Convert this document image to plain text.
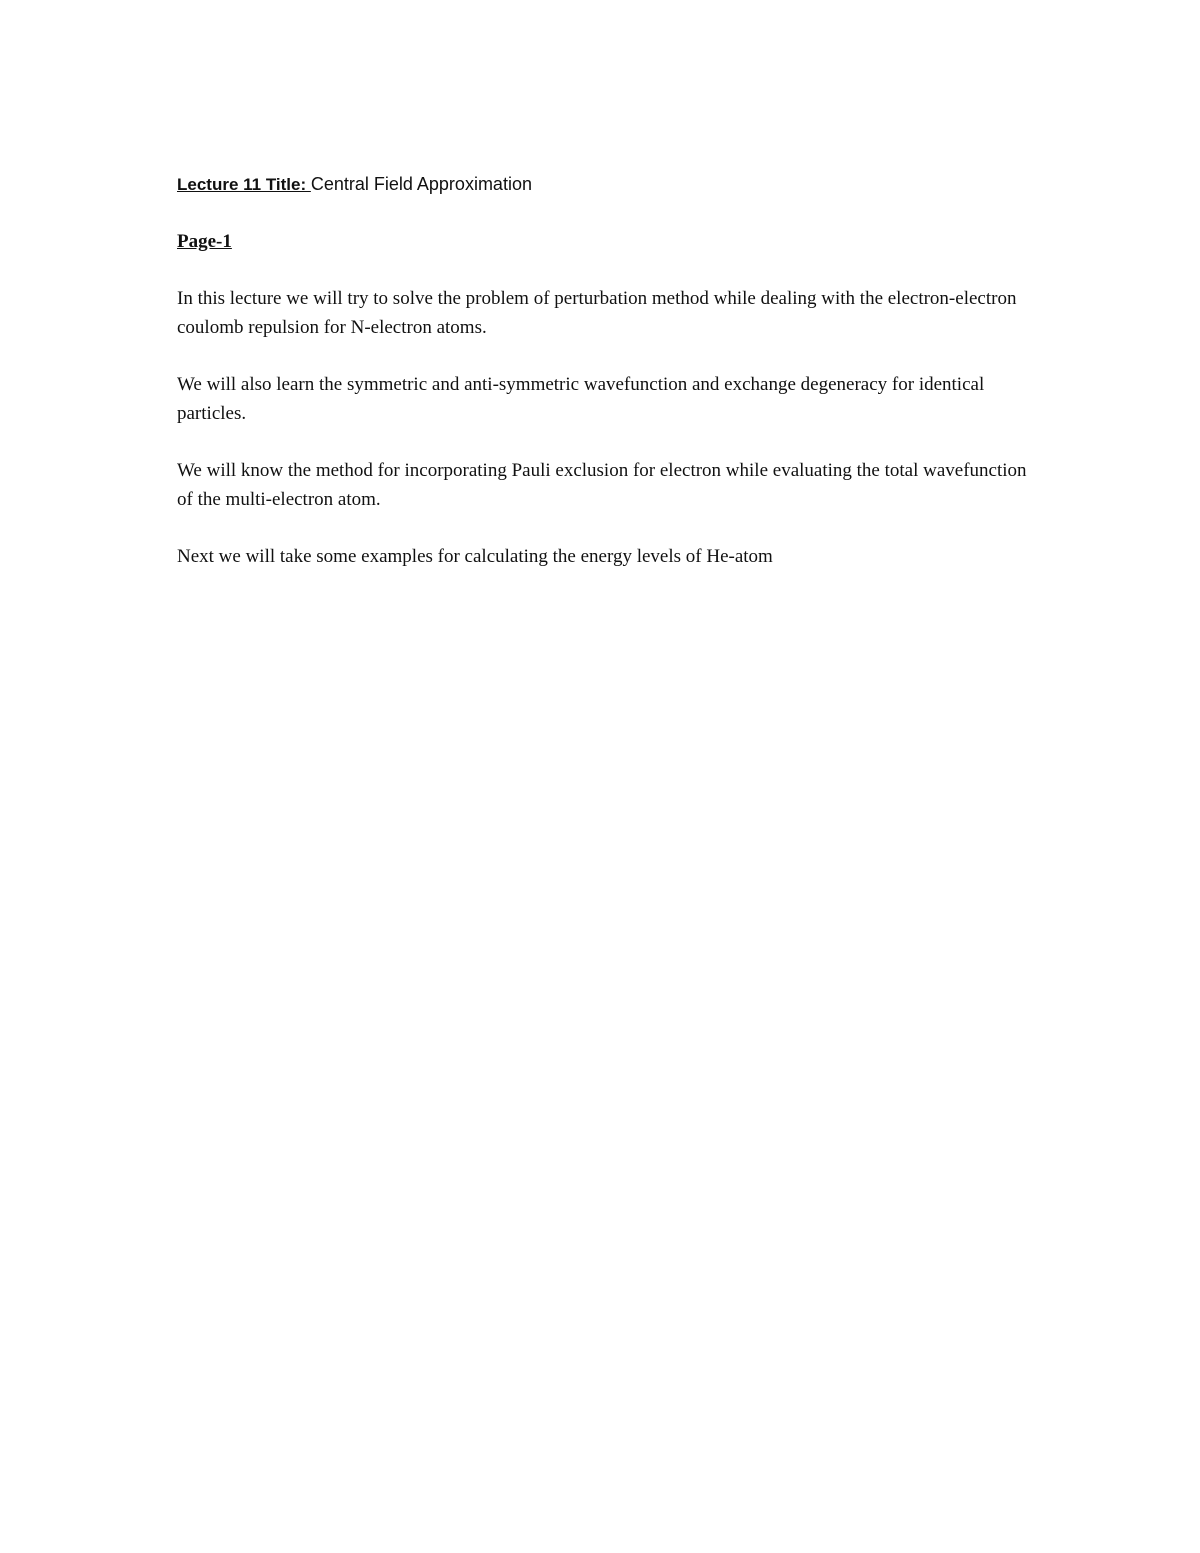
Lecture 11 Title: Central Field Approximation

Page-1

In this lecture we will try to solve the problem of perturbation method while dealing with the electron-electron coulomb repulsion for N-electron atoms.

We will also learn the symmetric and anti-symmetric wavefunction and exchange degeneracy for identical particles.

We will know the method for incorporating Pauli exclusion for electron while evaluating the total wavefunction of the multi-electron atom.

Next we will take some examples for calculating the energy levels of He-atom
